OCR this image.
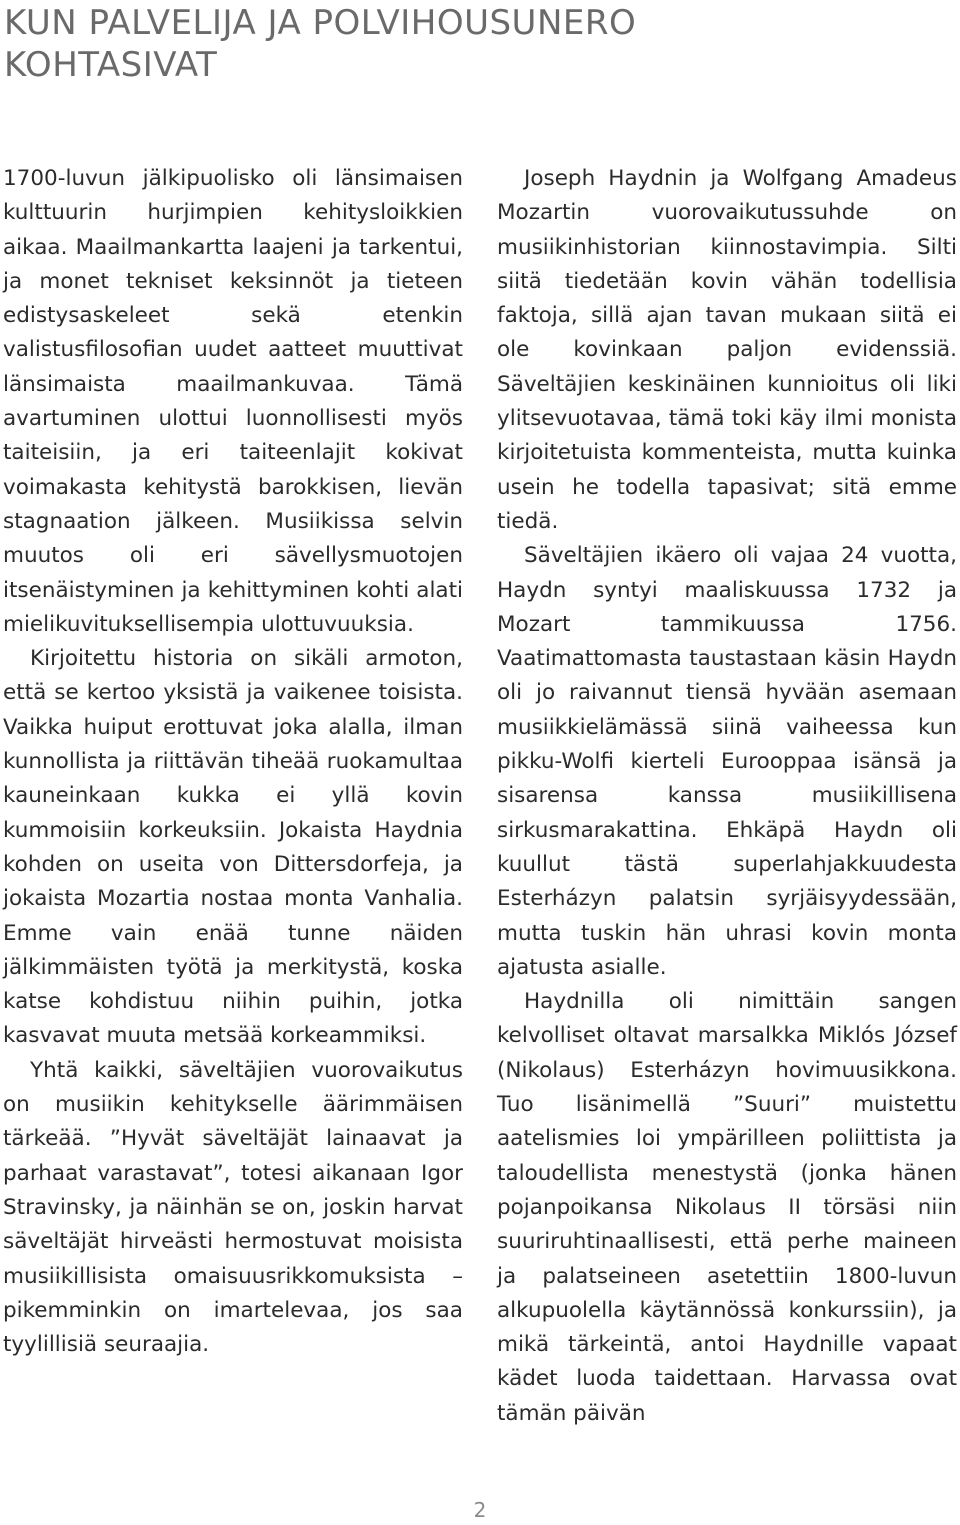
KUN PALVELIJA JA POLVIHOUSUNERO
KOHTASIVAT

1700-luvun jälkipuolisko oli länsimaisen kulttuurin hurjimpien kehitysloikkien aikaa. Maailmankartta laajeni ja tarkentui, ja monet tekniset keksinnöt ja tieteen edistysaskeleet sekä etenkin valistusfilosofian uudet aatteet muuttivat länsimaista maailmankuvaa. Tämä avartuminen ulottui luonnollisesti myös taiteisiin, ja eri taiteenlajit kokivat voimakasta kehitystä barokkisen, lievän stagnaation jälkeen. Musiikissa selvin muutos oli eri sävellysmuotojen itsenäistyminen ja kehittyminen kohti alati mielikuvituksellisempia ulottuvuuksia.

Kirjoitettu historia on sikäli armoton, että se kertoo yksistä ja vaikenee toisista. Vaikka huiput erottuvat joka alalla, ilman kunnollista ja riittävän tiheää ruokamultaa kauneinkaan kukka ei yllä kovin kummoisiin korkeuksiin. Jokaista Haydnia kohden on useita von Dittersdorfeja, ja jokaista Mozartia nostaa monta Vanhalia. Emme vain enää tunne näiden jälkimmäisten työtä ja merkitystä, koska katse kohdistuu niihin puihin, jotka kasvavat muuta metsää korkeammiksi.

Yhtä kaikki, säveltäjien vuorovaikutus on musiikin kehitykselle äärimmäisen tärkeää. ”Hyvät säveltäjät lainaavat ja parhaat varastavat”, totesi aikanaan Igor Stravinsky, ja näinhän se on, joskin harvat säveltäjät hirveästi hermostuvat moisista musiikillisista omaisuusrikkomuksista – pikemminkin on imartelevaa, jos saa tyylillisiä seuraajia.

Joseph Haydnin ja Wolfgang Amadeus Mozartin vuorovaikutussuhde on musiikinhistorian kiinnostavimpia. Silti siitä tiedetään kovin vähän todellisia faktoja, sillä ajan tavan mukaan siitä ei ole kovinkaan paljon evidenssiä. Säveltäjien keskinäinen kunnioitus oli liki ylitsevuotavaa, tämä toki käy ilmi monista kirjoitetuista kommenteista, mutta kuinka usein he todella tapasivat; sitä emme tiedä.

Säveltäjien ikäero oli vajaa 24 vuotta, Haydn syntyi maaliskuussa 1732 ja Mozart tammikuussa 1756. Vaatimattomasta taustastaan käsin Haydn oli jo raivannut tiensä hyvään asemaan musiikkielämässä siinä vaiheessa kun pikku-Wolfi kierteli Eurooppaa isänsä ja sisarensa kanssa musiikillisena sirkusmarakattina. Ehkäpä Haydn oli kuullut tästä superlahjakkuudesta Esterházyn palatsin syrjäisyydessään, mutta tuskin hän uhrasi kovin monta ajatusta asialle.

Haydnilla oli nimittäin sangen kelvolliset oltavat marsalkka Miklós József (Nikolaus) Esterházyn hovimuusikkona. Tuo lisänimellä ”Suuri” muistettu aatelismies loi ympärilleen poliittista ja taloudellista menestystä (jonka hänen pojanpoikansa Nikolaus II törsäsi niin suuriruhtinaallisesti, että perhe maineen ja palatseineen asetettiin 1800-luvun alkupuolella käytännössä konkurssiin), ja mikä tärkeintä, antoi Haydnille vapaat kädet luoda taidettaan. Harvassa ovat tämän päivän

2
